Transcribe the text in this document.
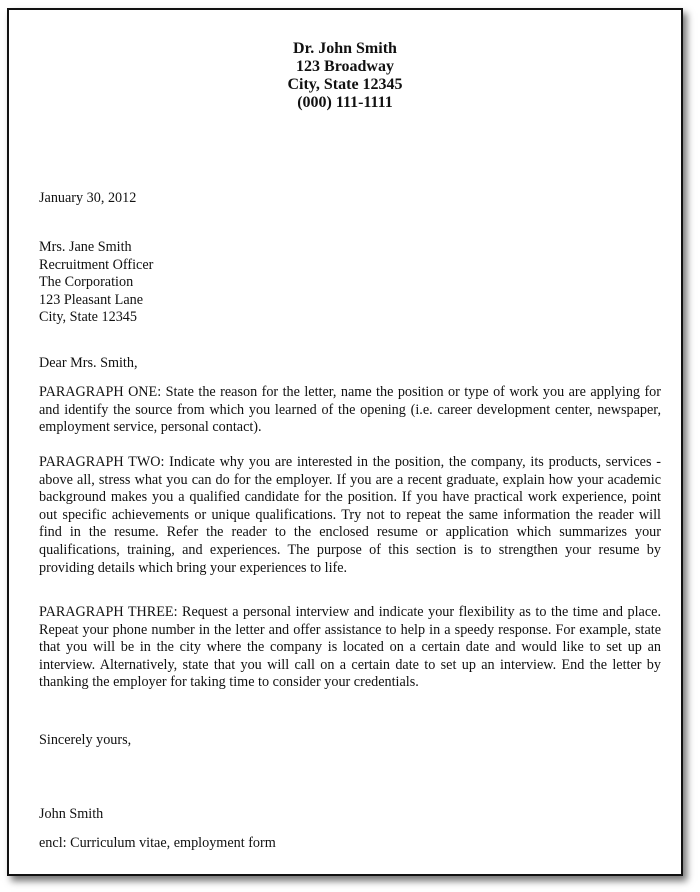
Dr. John Smith
123 Broadway
City, State 12345
(000) 111-1111
January 30, 2012
Mrs. Jane Smith
Recruitment Officer
The Corporation
123 Pleasant Lane
City, State 12345
Dear Mrs. Smith,
PARAGRAPH ONE: State the reason for the letter, name the position or type of work you are applying for and identify the source from which you learned of the opening (i.e. career development center, newspaper, employment service, personal contact).
PARAGRAPH TWO: Indicate why you are interested in the position, the company, its products, services - above all, stress what you can do for the employer. If you are a recent graduate, explain how your academic background makes you a qualified candidate for the position. If you have practical work experience, point out specific achievements or unique qualifications. Try not to repeat the same information the reader will find in the resume. Refer the reader to the enclosed resume or application which summarizes your qualifications, training, and experiences. The purpose of this section is to strengthen your resume by providing details which bring your experiences to life.
PARAGRAPH THREE: Request a personal interview and indicate your flexibility as to the time and place. Repeat your phone number in the letter and offer assistance to help in a speedy response. For example, state that you will be in the city where the company is located on a certain date and would like to set up an interview. Alternatively, state that you will call on a certain date to set up an interview. End the letter by thanking the employer for taking time to consider your credentials.
Sincerely yours,
John Smith
encl: Curriculum vitae, employment form
